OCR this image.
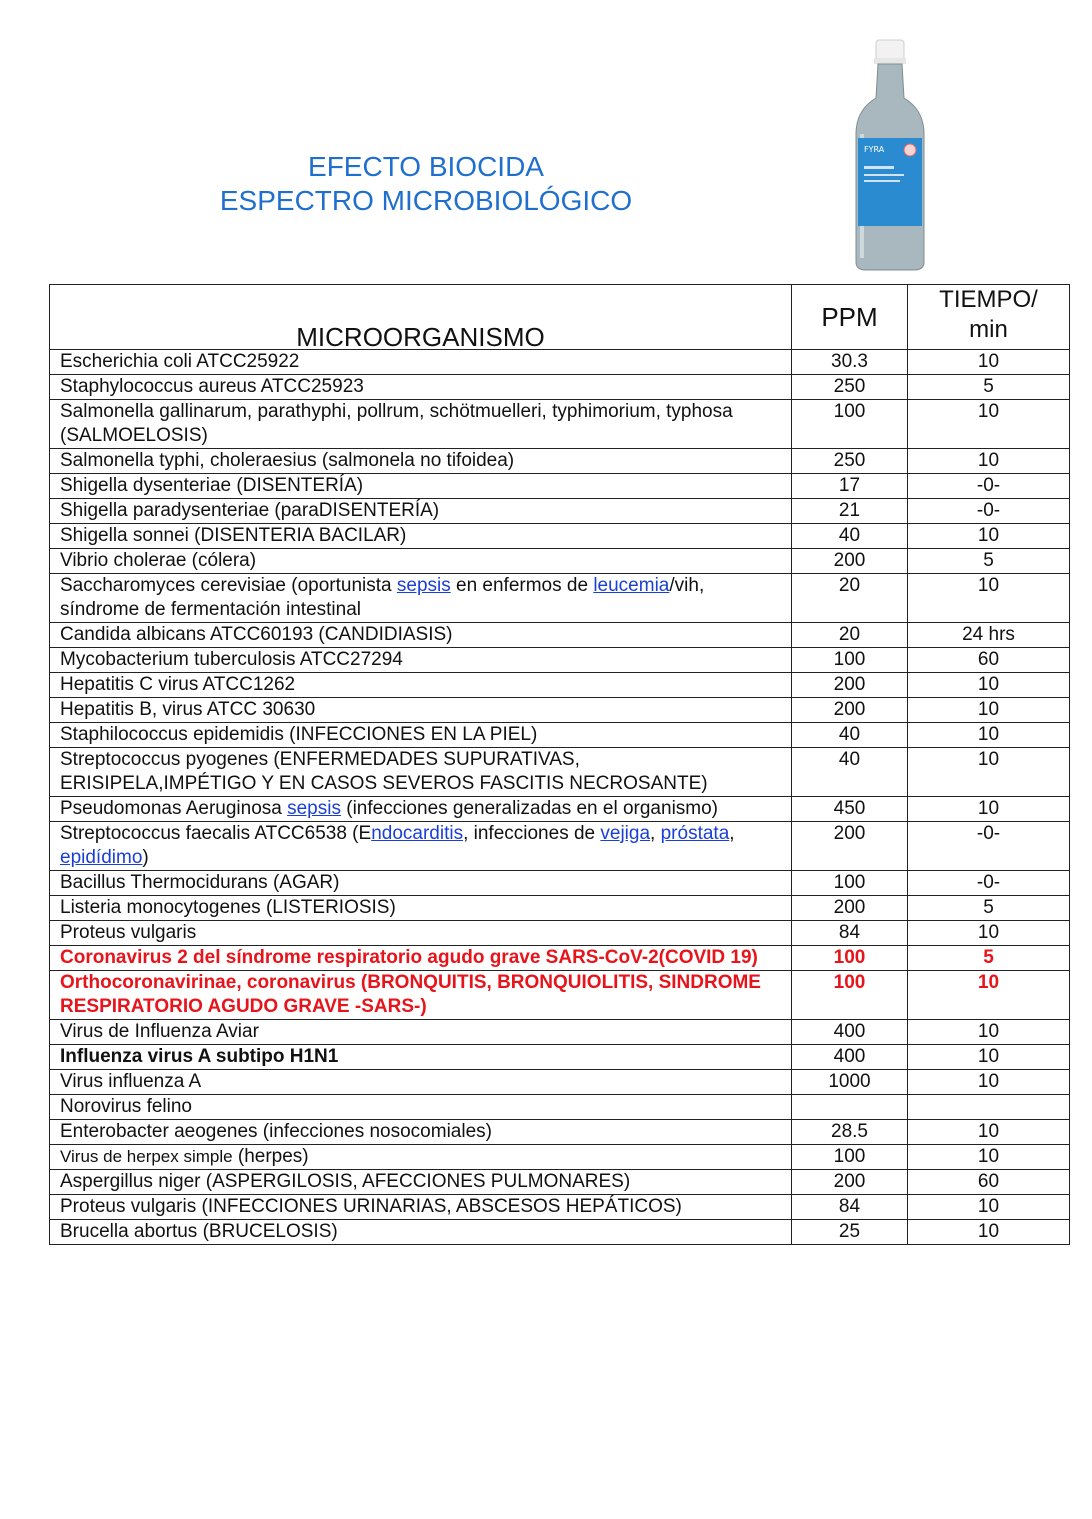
EFECTO BIOCIDA
ESPECTRO MICROBIOLÓGICO
FYRA
MICROORGANISMO	PPM	TIEMPO/
min
Escherichia coli ATCC25922	30.3	10
Staphylococcus aureus ATCC25923	250	5
Salmonella gallinarum, parathyphi, pollrum, schötmuelleri, typhimorium, typhosa (SALMOELOSIS)	100	10
Salmonella typhi, choleraesius (salmonela no tifoidea)	250	10
Shigella dysenteriae (DISENTERÍA)	17	-0-
Shigella paradysenteriae (paraDISENTERÍA)	21	-0-
Shigella sonnei (DISENTERIA BACILAR)	40	10
Vibrio cholerae (cólera)	200	5
Saccharomyces cerevisiae (oportunista sepsis en enfermos de leucemia/vih, síndrome de fermentación intestinal	20	10
Candida albicans ATCC60193 (CANDIDIASIS)	20	24 hrs
Mycobacterium tuberculosis ATCC27294	100	60
Hepatitis C virus ATCC1262	200	10
Hepatitis B, virus ATCC 30630	200	10
Staphilococcus epidemidis (INFECCIONES EN LA PIEL)	40	10
Streptococcus pyogenes (ENFERMEDADES SUPURATIVAS, ERISIPELA,IMPÉTIGO Y EN CASOS SEVEROS FASCITIS NECROSANTE)	40	10
Pseudomonas Aeruginosa sepsis (infecciones generalizadas en el organismo)	450	10
Streptococcus faecalis ATCC6538 (Endocarditis, infecciones de vejiga, próstata, epidídimo)	200	-0-
Bacillus Thermocidurans (AGAR)	100	-0-
Listeria monocytogenes (LISTERIOSIS)	200	5
Proteus vulgaris	84	10
Coronavirus 2 del síndrome respiratorio agudo grave SARS-CoV-2(COVID 19)	100	5
Orthocoronavirinae, coronavirus (BRONQUITIS, BRONQUIOLITIS, SINDROME RESPIRATORIO AGUDO GRAVE -SARS-)	100	10
Virus de Influenza Aviar	400	10
Influenza virus A subtipo H1N1	400	10
Virus influenza A	1000	10
Norovirus felino		
Enterobacter aeogenes (infecciones nosocomiales)	28.5	10
Virus de herpex simple (herpes)	100	10
Aspergillus niger (ASPERGILOSIS, AFECCIONES PULMONARES)	200	60
Proteus vulgaris (INFECCIONES URINARIAS, ABSCESOS HEPÁTICOS)	84	10
Brucella abortus (BRUCELOSIS)	25	10
